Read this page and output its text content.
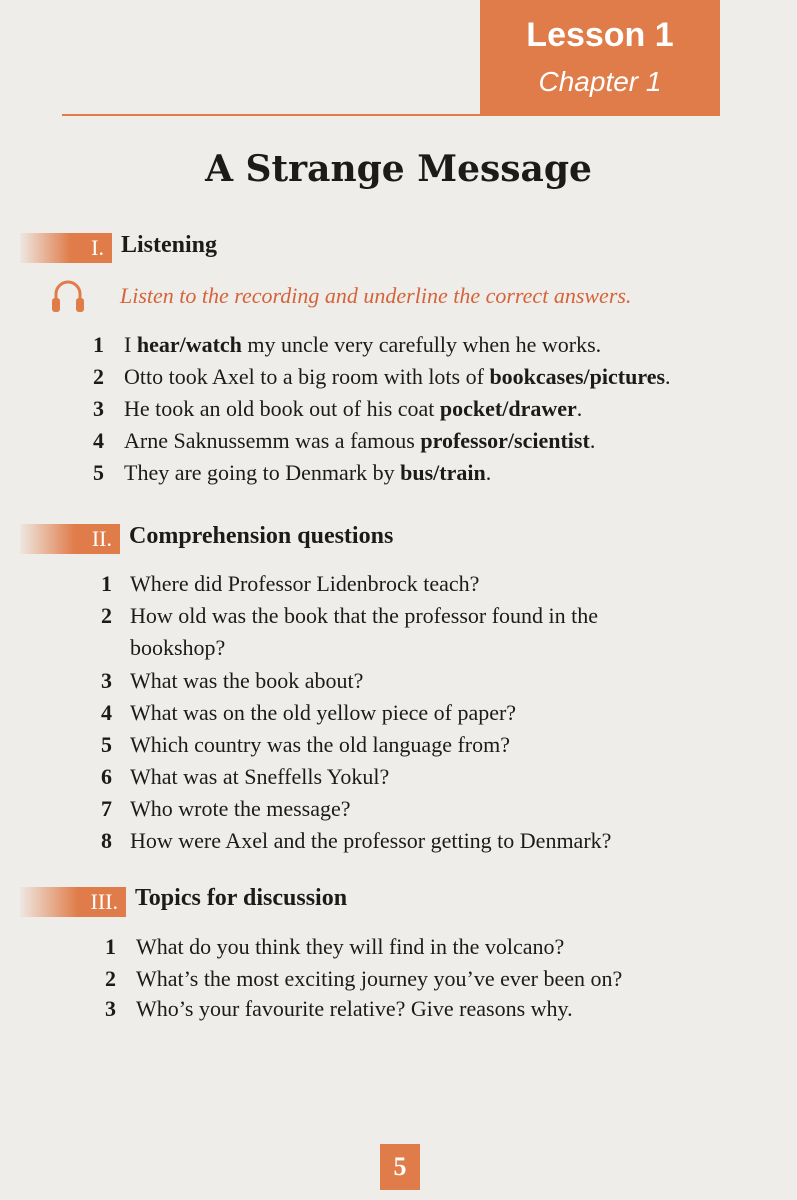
Lesson 1
Chapter 1
A Strange Message
I. Listening
Listen to the recording and underline the correct answers.
1 I hear/watch my uncle very carefully when he works.
2 Otto took Axel to a big room with lots of bookcases/pictures.
3 He took an old book out of his coat pocket/drawer.
4 Arne Saknussemm was a famous professor/scientist.
5 They are going to Denmark by bus/train.
II. Comprehension questions
1 Where did Professor Lidenbrock teach?
2 How old was the book that the professor found in the
bookshop?
3 What was the book about?
4 What was on the old yellow piece of paper?
5 Which country was the old language from?
6 What was at Sneffells Yokul?
7 Who wrote the message?
8 How were Axel and the professor getting to Denmark?
III. Topics for discussion
1 What do you think they will find in the volcano?
2 What’s the most exciting journey you’ve ever been on?
3 Who’s your favourite relative? Give reasons why.
5
